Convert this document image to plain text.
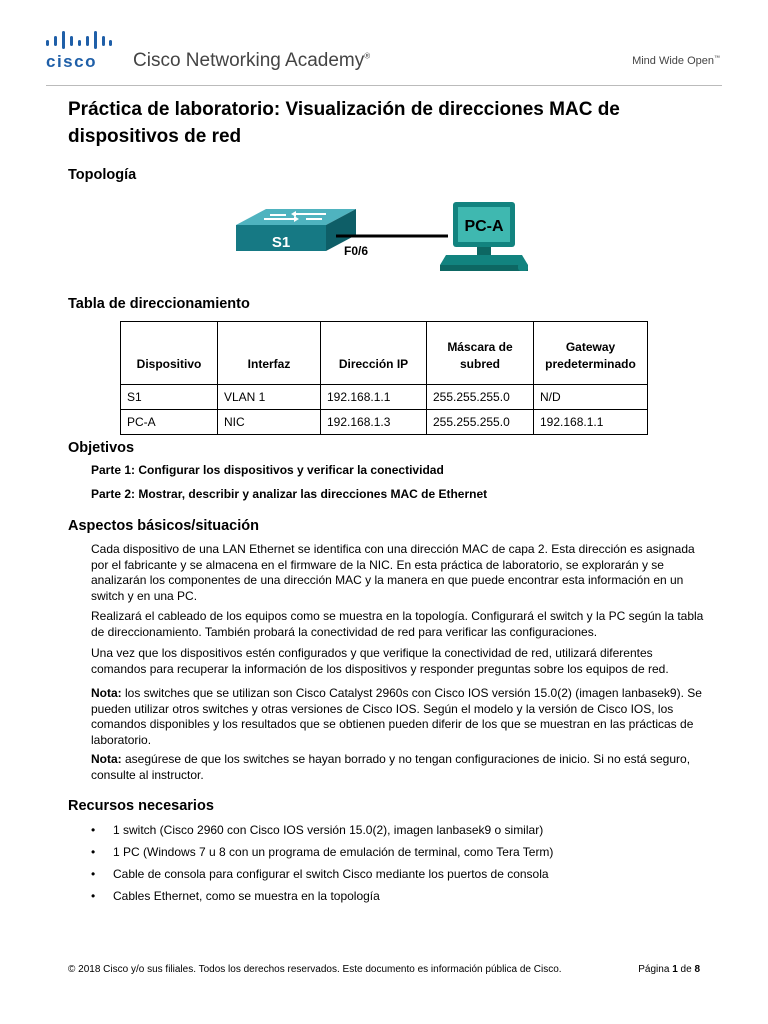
cisco Cisco Networking Academy®	Mind Wide Open™
Práctica de laboratorio: Visualización de direcciones MAC de dispositivos de red
Topología
S1	F0/6
PC-A
Tabla de direccionamiento
Dispositivo	Interfaz	Dirección IP	Máscara de subred	Gateway predeterminado
S1	VLAN 1	192.168.1.1	255.255.255.0	N/D
PC-A	NIC	192.168.1.3	255.255.255.0	192.168.1.1
Objetivos
Parte 1: Configurar los dispositivos y verificar la conectividad
Parte 2: Mostrar, describir y analizar las direcciones MAC de Ethernet
Aspectos básicos/situación

Cada dispositivo de una LAN Ethernet se identifica con una dirección MAC de capa 2. Esta dirección es asignada por el fabricante y se almacena en el firmware de la NIC. En esta práctica de laboratorio, se explorarán y se analizarán los componentes de una dirección MAC y la manera en que puede encontrar esta información en un switch y en una PC.

Realizará el cableado de los equipos como se muestra en la topología. Configurará el switch y la PC según la tabla de direccionamiento. También probará la conectividad de red para verificar las configuraciones.

Una vez que los dispositivos estén configurados y que verifique la conectividad de red, utilizará diferentes comandos para recuperar la información de los dispositivos y responder preguntas sobre los equipos de red.

Nota: los switches que se utilizan son Cisco Catalyst 2960s con Cisco IOS versión 15.0(2) (imagen lanbasek9). Se pueden utilizar otros switches y otras versiones de Cisco IOS. Según el modelo y la versión de Cisco IOS, los comandos disponibles y los resultados que se obtienen pueden diferir de los que se muestran en las prácticas de laboratorio.

Nota: asegúrese de que los switches se hayan borrado y no tengan configuraciones de inicio. Si no está seguro, consulte al instructor.

Recursos necesarios
• 1 switch (Cisco 2960 con Cisco IOS versión 15.0(2), imagen lanbasek9 o similar)
• 1 PC (Windows 7 u 8 con un programa de emulación de terminal, como Tera Term)
• Cable de consola para configurar el switch Cisco mediante los puertos de consola
• Cables Ethernet, como se muestra en la topología
© 2018 Cisco y/o sus filiales. Todos los derechos reservados. Este documento es información pública de Cisco.	Página 1 de 8
